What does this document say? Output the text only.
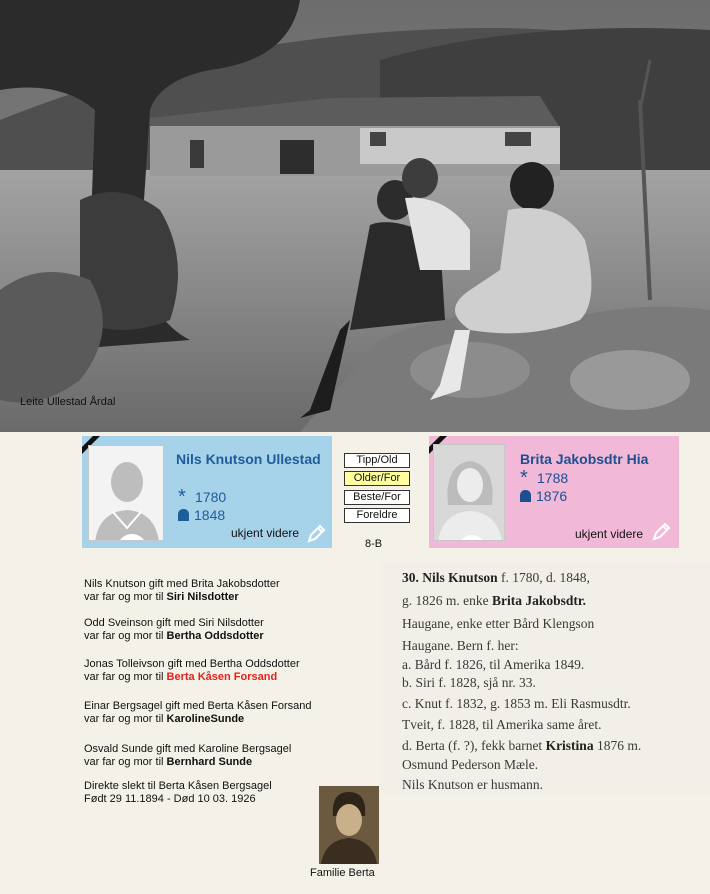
Leite Ullestad Årdal
Nils Knutson Ullestad
* 1780
1848
ukjent videre
Tipp/Old
Older/For
Beste/For
Foreldre
8-B
Brita Jakobsdtr Hia
* 1788
1876
ukjent videre
Nils Knutson gift med Brita Jakobsdotter
var far og mor til Siri Nilsdotter
Odd Sveinson gift med Siri Nilsdotter
var far og mor til Bertha Oddsdotter
Jonas Tolleivson gift med Bertha Oddsdotter
var far og mor til Berta Kåsen Forsand
Einar Bergsagel gift med Berta Kåsen Forsand
var far og mor til KarolineSunde
Osvald Sunde gift med Karoline Bergsagel
var far og mor til Bernhard Sunde
Direkte slekt til Berta Kåsen Bergsagel
Født 29 11.1894 - Død 10 03. 1926
30. Nils Knutson f. 1780, d. 1848,
g. 1826 m. enke Brita Jakobsdtr.
Haugane, enke etter Bård Klengson
Haugane. Bern f. her:
a. Bård f. 1826, til Amerika 1849.
b. Siri f. 1828, sjå nr. 33.
c. Knut f. 1832, g. 1853 m. Eli Rasmusdtr.
Tveit, f. 1828, til Amerika same året.
d. Berta (f. ?), fekk barnet Kristina 1876 m.
Osmund Pederson Mæle.
Nils Knutson er husmann.
Familie Berta
